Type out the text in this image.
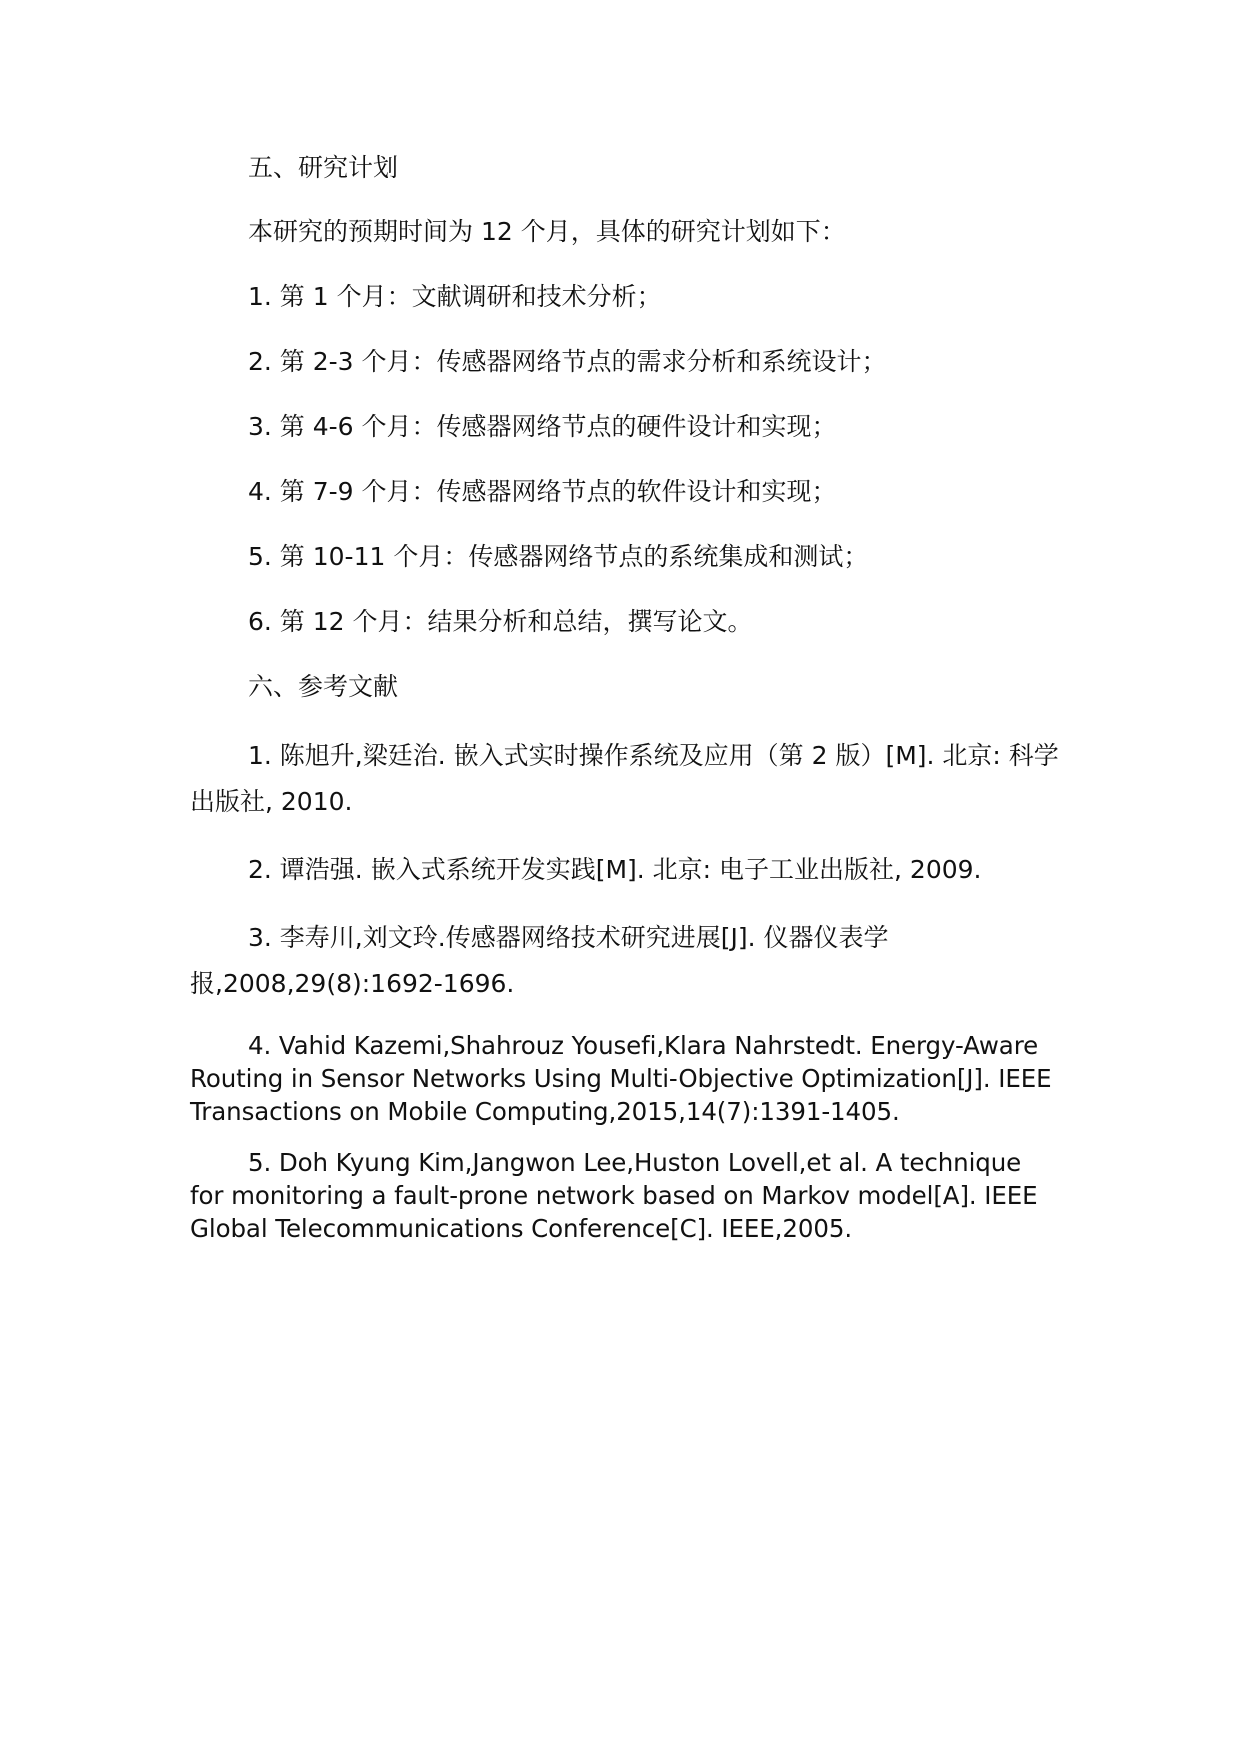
五、研究计划

本研究的预期时间为 12 个月，具体的研究计划如下：

1. 第 1 个月：文献调研和技术分析；

2. 第 2-3 个月：传感器网络节点的需求分析和系统设计；

3. 第 4-6 个月：传感器网络节点的硬件设计和实现；

4. 第 7-9 个月：传感器网络节点的软件设计和实现；

5. 第 10-11 个月：传感器网络节点的系统集成和测试；

6. 第 12 个月：结果分析和总结，撰写论文。

六、参考文献

1. 陈旭升,梁廷治. 嵌入式实时操作系统及应用（第 2 版）[M]. 北京: 科学出版社, 2010.

2. 谭浩强. 嵌入式系统开发实践[M]. 北京: 电子工业出版社, 2009.

3. 李寿川,刘文玲.传感器网络技术研究进展[J]. 仪器仪表学报,2008,29(8):1692-1696.

4. Vahid Kazemi,Shahrouz Yousefi,Klara Nahrstedt. Energy-Aware Routing in Sensor Networks Using Multi-Objective Optimization[J]. IEEE Transactions on Mobile Computing,2015,14(7):1391-1405.

5. Doh Kyung Kim,Jangwon Lee,Huston Lovell,et al. A technique for monitoring a fault-prone network based on Markov model[A]. IEEE Global Telecommunications Conference[C]. IEEE,2005.
